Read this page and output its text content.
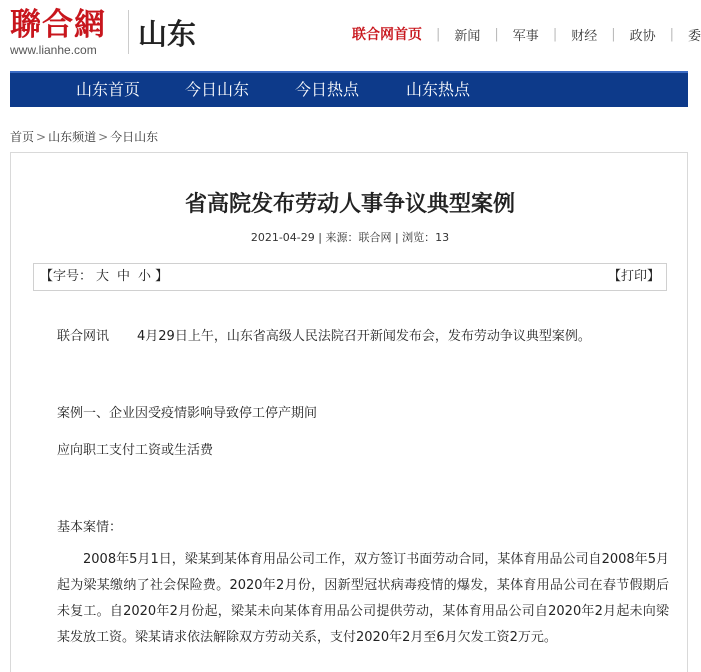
聯合網
www.lianhe.com	山东	联合网首页 | 新闻 | 军事 | 财经 | 政协 | 委
山东首页	今日山东	今日热点	山东热点
首页 > 山东频道 > 今日山东
省高院发布劳动人事争议典型案例
2021-04-29 | 来源：联合网 | 浏览：13
【字号： 大 中 小 】	【打印】
联合网讯 4月29日上午，山东省高级人民法院召开新闻发布会，发布劳动争议典型案例。
案例一、企业因受疫情影响导致停工停产期间
应向职工支付工资或生活费
基本案情：
2008年5月1日，梁某到某体育用品公司工作，双方签订书面劳动合同，某体育用品公司自2008年5月起为梁某缴纳了社会保险费。2020年2月份，因新型冠状病毒疫情的爆发，某体育用品公司在春节假期后未复工。自2020年2月份起，梁某未向某体育用品公司提供劳动，某体育用品公司自2020年2月起未向梁某发放工资。梁某请求依法解除双方劳动关系，支付2020年2月至6月欠发工资2万元。
